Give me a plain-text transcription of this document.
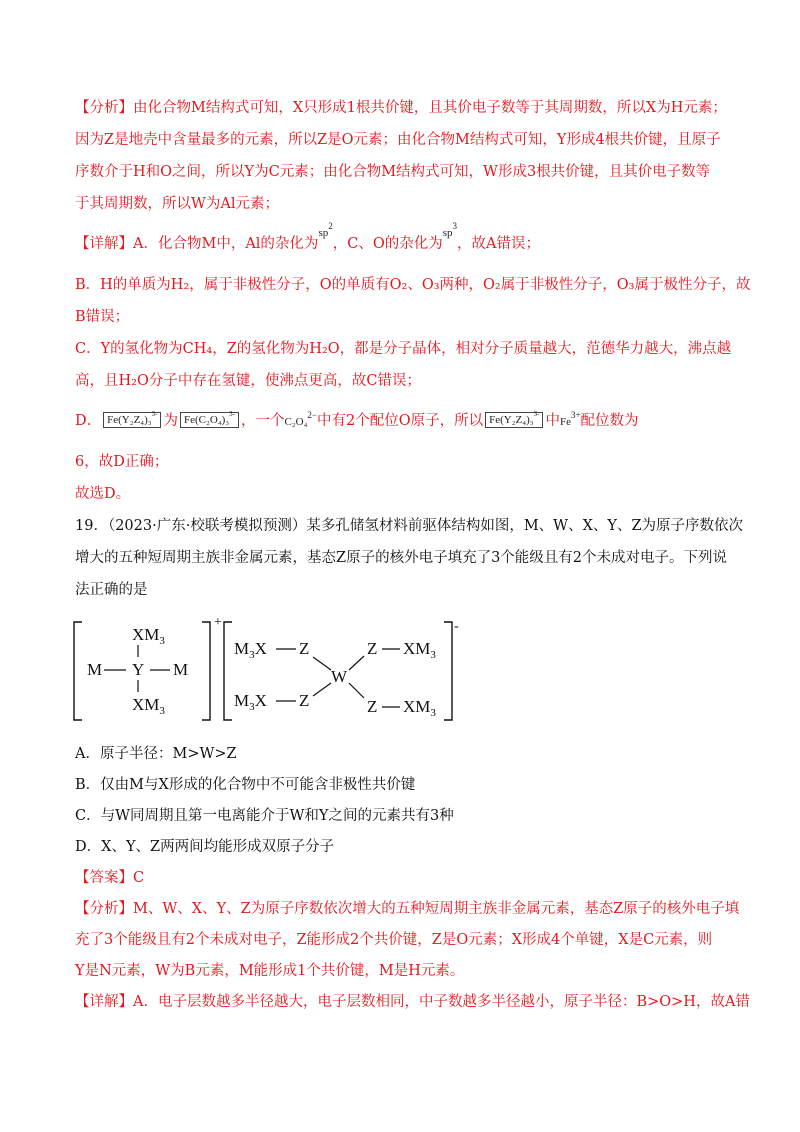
【分析】由化合物M结构式可知，X只形成1根共价键，且其价电子数等于其周期数，所以X为H元素；
因为Z是地壳中含量最多的元素，所以Z是O元素；由化合物M结构式可知，Y形成4根共价键，且原子
序数介于H和O之间，所以Y为C元素；由化合物M结构式可知，W形成3根共价键，且其价电子数等
于其周期数，所以W为Al元素；
【详解】A．化合物M中，Al的杂化为$^{sp^2}$，C、O的杂化为$^{sp^3}$，故A错误；
B．H的单质为H₂，属于非极性分子，O的单质有O₂、O₃两种，O₂属于非极性分子，O₃属于极性分子，故
B错误；
C．Y的氢化物为CH₄，Z的氢化物为H₂O，都是分子晶体，相对分子质量越大，范德华力越大，沸点越
高，且H₂O分子中存在氢键，使沸点更高，故C错误；
D． Fe(Y₂Z₄)₃$^{3-}$ 为 Fe(C₂O₄)₃$^{3-}$ ，一个C₂O₄$^{2-}$中有2个配位O原子，所以 Fe(Y₂Z₄)₃$^{3-}$ 中$Fe^{3+}$配位数为
6，故D正确；
故选D。
19．（2023·广东·校联考模拟预测）某多孔储氢材料前驱体结构如图，M、W、X、Y、Z为原子序数依次
增大的五种短周期主族非金属元素，基态Z原子的核外电子填充了3个能级且有2个未成对电子。下列说
法正确的是
+
$XM_3$
M Y M
$XM_3$
-
$M_3X$ Z
W
$M_3X$ Z
Z $XM_3$
Z $XM_3$
A．原子半径：M>W>Z
B．仅由M与X形成的化合物中不可能含非极性共价键
C．与W同周期且第一电离能介于W和Y之间的元素共有3种
D．X、Y、Z两两间均能形成双原子分子
【答案】C
【分析】M、W、X、Y、Z为原子序数依次增大的五种短周期主族非金属元素，基态Z原子的核外电子填
充了3个能级且有2个未成对电子，Z能形成2个共价键，Z是O元素；X形成4个单键，X是C元素，则
Y是N元素，W为B元素，M能形成1个共价键，M是H元素。
【详解】A．电子层数越多半径越大，电子层数相同，中子数越多半径越小，原子半径：B>O>H，故A错
